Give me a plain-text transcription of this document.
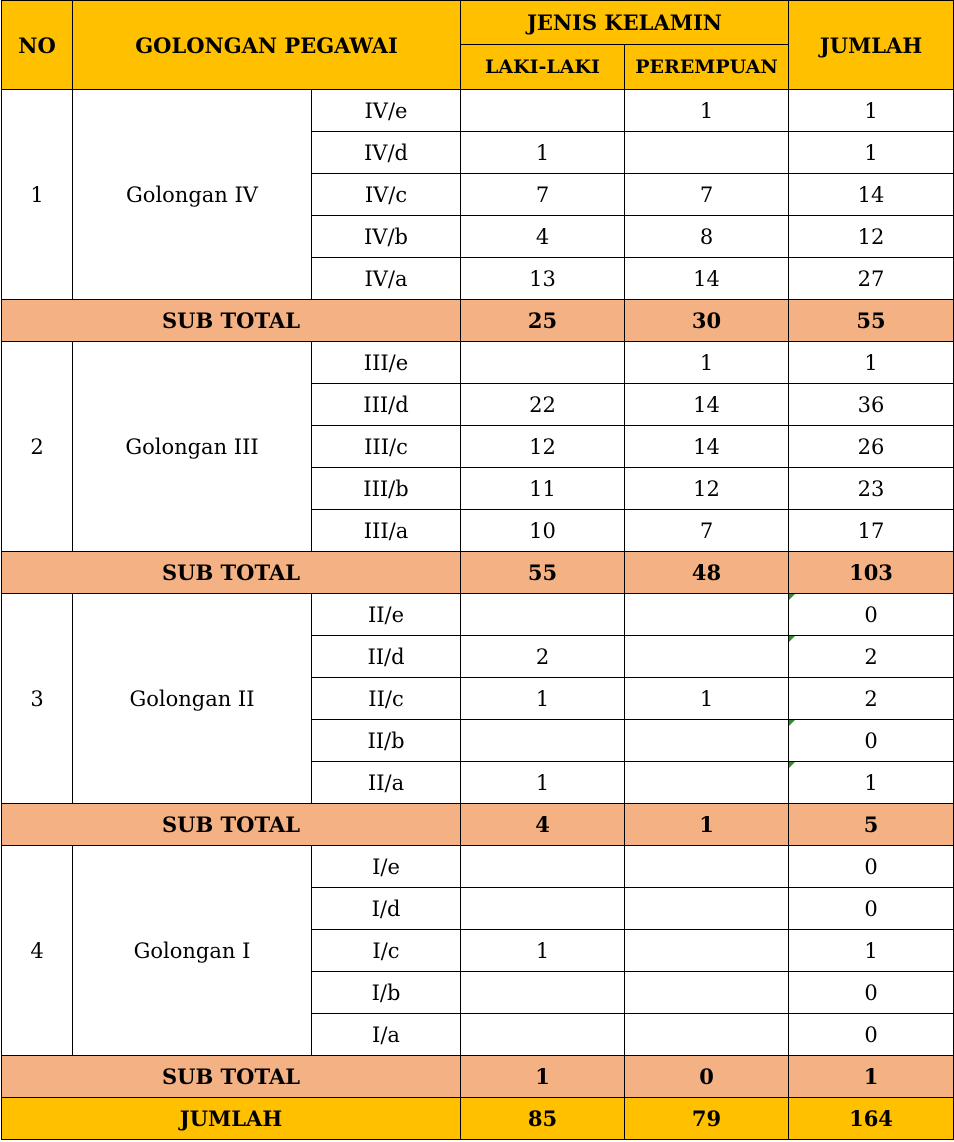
NO	GOLONGAN PEGAWAI		JENIS KELAMIN		JUMLAH
			LAKI-LAKI	PEREMPUAN	
1	Golongan IV	IV/e		1	1
		IV/d	1		1
		IV/c	7	7	14
		IV/b	4	8	12
		IV/a	13	14	27
SUB TOTAL			25	30	55
2	Golongan III	III/e		1	1
		III/d	22	14	36
		III/c	12	14	26
		III/b	11	12	23
		III/a	10	7	17
SUB TOTAL			55	48	103
3	Golongan II	II/e			0
		II/d	2		2
		II/c	1	1	2
		II/b			0
		II/a	1		1
SUB TOTAL			4	1	5
4	Golongan I	I/e			0
		I/d			0
		I/c	1		1
		I/b			0
		I/a			0
SUB TOTAL			1	0	1
JUMLAH			85	79	164
